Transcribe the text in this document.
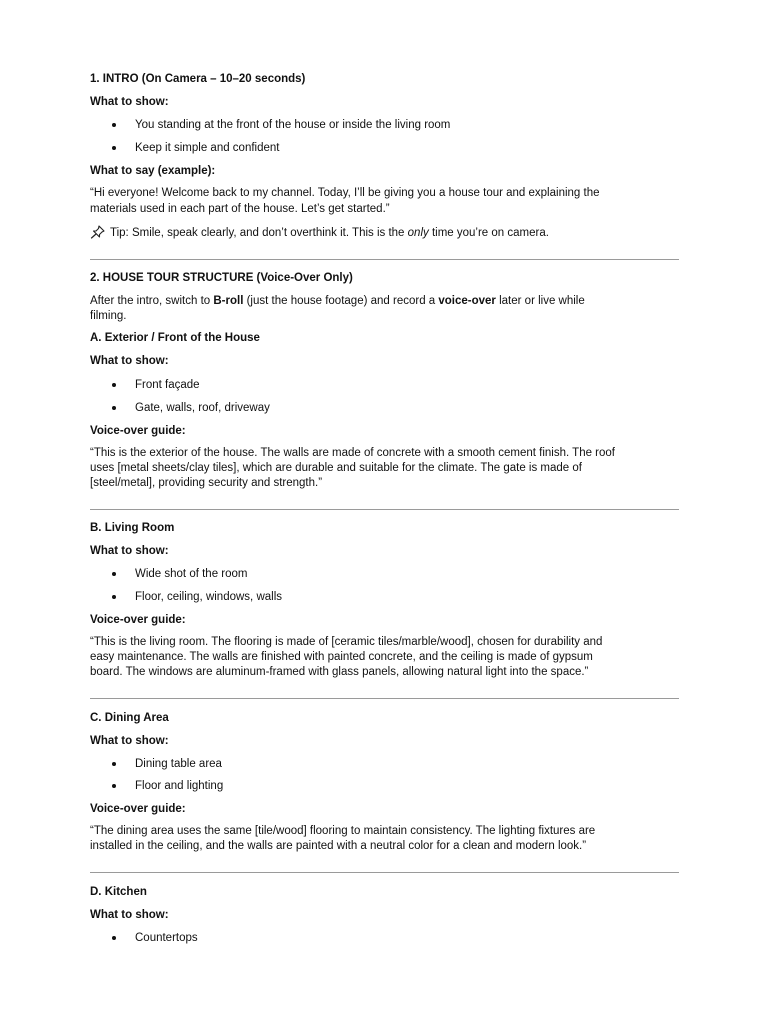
1. INTRO (On Camera – 10–20 seconds)
What to show:
You standing at the front of the house or inside the living room
Keep it simple and confident
What to say (example):
“Hi everyone! Welcome back to my channel. Today, I’ll be giving you a house tour and explaining the
materials used in each part of the house. Let’s get started.”
Tip: Smile, speak clearly, and don’t overthink it. This is the only time you’re on camera.
2. HOUSE TOUR STRUCTURE (Voice-Over Only)
After the intro, switch to B-roll (just the house footage) and record a voice-over later or live while
filming.
A. Exterior / Front of the House
What to show:
Front façade
Gate, walls, roof, driveway
Voice-over guide:
“This is the exterior of the house. The walls are made of concrete with a smooth cement finish. The roof
uses [metal sheets/clay tiles], which are durable and suitable for the climate. The gate is made of
[steel/metal], providing security and strength.”
B. Living Room
What to show:
Wide shot of the room
Floor, ceiling, windows, walls
Voice-over guide:
“This is the living room. The flooring is made of [ceramic tiles/marble/wood], chosen for durability and
easy maintenance. The walls are finished with painted concrete, and the ceiling is made of gypsum
board. The windows are aluminum-framed with glass panels, allowing natural light into the space.”
C. Dining Area
What to show:
Dining table area
Floor and lighting
Voice-over guide:
“The dining area uses the same [tile/wood] flooring to maintain consistency. The lighting fixtures are
installed in the ceiling, and the walls are painted with a neutral color for a clean and modern look.”
D. Kitchen
What to show:
Countertops
